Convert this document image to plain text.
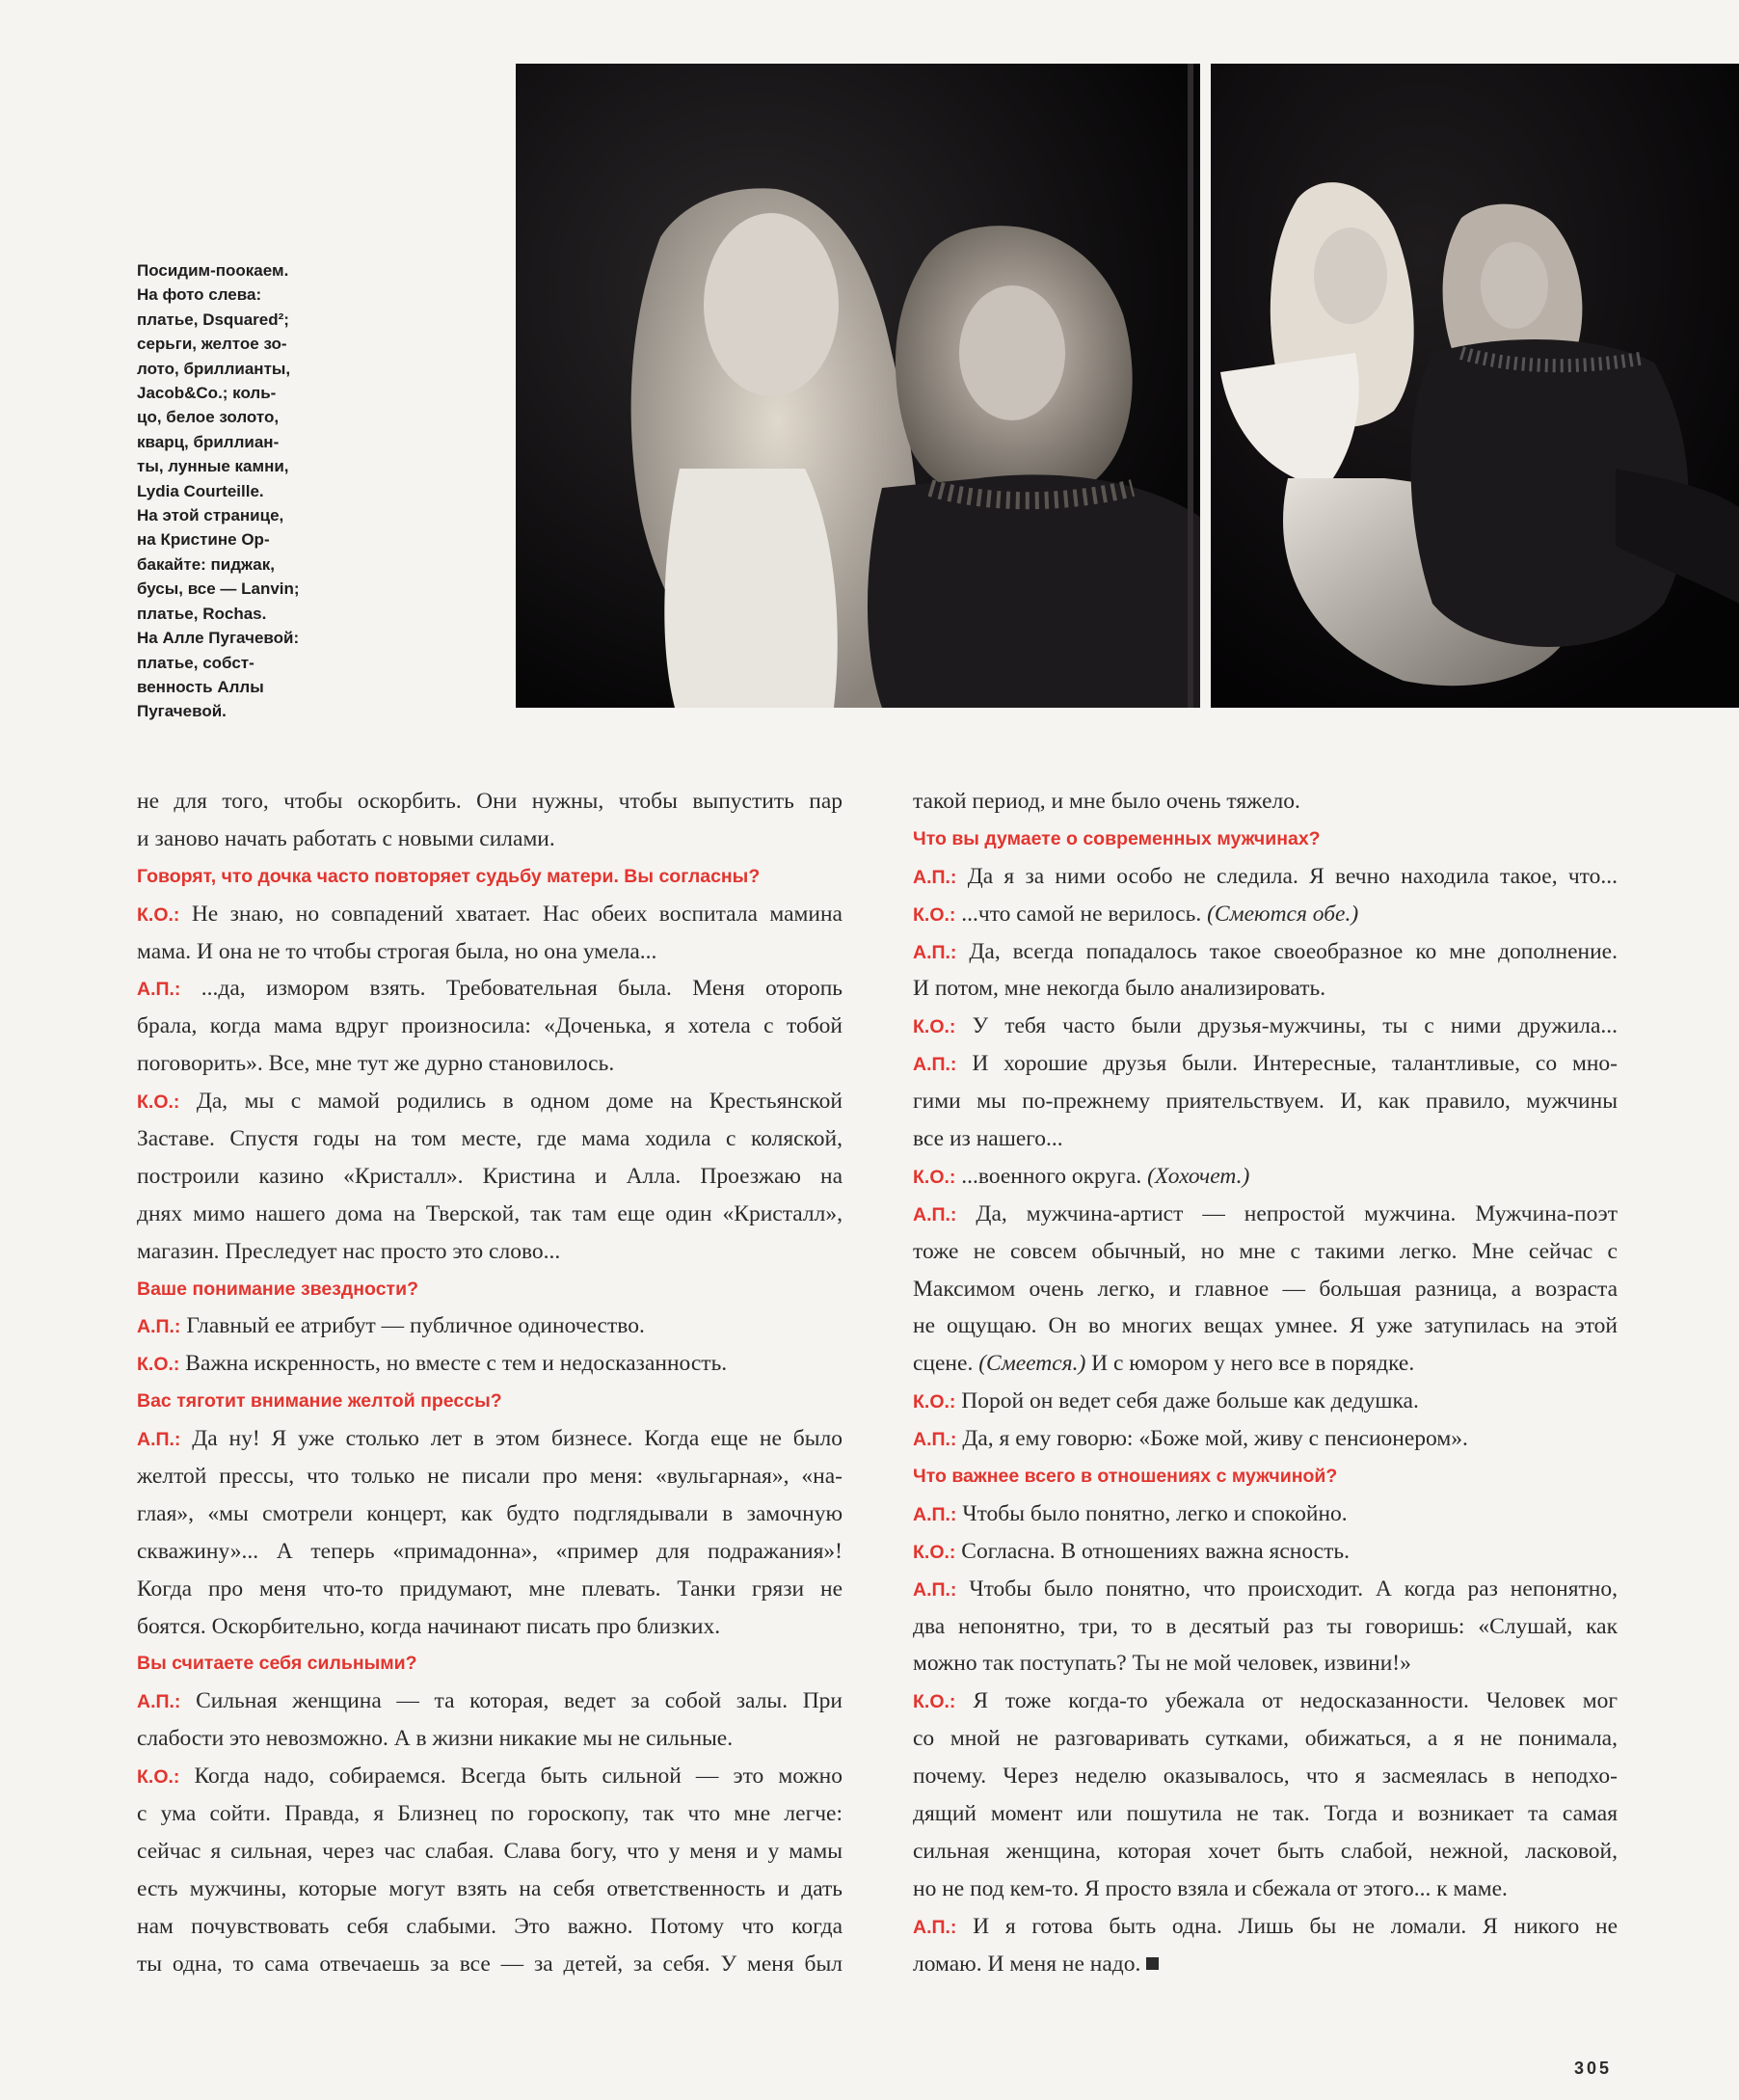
Посидим-поокаем.
На фото слева:
платье, Dsquared²;
серьги, желтое зо-
лото, бриллианты,
Jacob&Co.; коль-
цо, белое золото,
кварц, бриллиан-
ты, лунные камни,
Lydia Courteille.
На этой странице,
на Кристине Ор-
бакайте: пиджак,
бусы, все — Lanvin;
платье, Rochas.
На Алле Пугачевой:
платье, собст-
венность Аллы
Пугачевой.
не для того, чтобы оскорбить. Они нужны, чтобы выпустить пар
и заново начать работать с новыми силами.
Говорят, что дочка часто повторяет судьбу матери. Вы согласны?
К.О.: Не знаю, но совпадений хватает. Нас обеих воспитала мамина
мама. И она не то чтобы строгая была, но она умела...
А.П.: ...да, измором взять. Требовательная была. Меня оторопь
брала, когда мама вдруг произносила: «Доченька, я хотела с тобой
поговорить». Все, мне тут же дурно становилось.
К.О.: Да, мы с мамой родились в одном доме на Крестьянской
Заставе. Спустя годы на том месте, где мама ходила с коляской,
построили казино «Кристалл». Кристина и Алла. Проезжаю на
днях мимо нашего дома на Тверской, так там еще один «Кристалл»,
магазин. Преследует нас просто это слово...
Ваше понимание звездности?
А.П.: Главный ее атрибут — публичное одиночество.
К.О.: Важна искренность, но вместе с тем и недосказанность.
Вас тяготит внимание желтой прессы?
А.П.: Да ну! Я уже столько лет в этом бизнесе. Когда еще не было
желтой прессы, что только не писали про меня: «вульгарная», «на-
глая», «мы смотрели концерт, как будто подглядывали в замочную
скважину»... А теперь «примадонна», «пример для подражания»!
Когда про меня что-то придумают, мне плевать. Танки грязи не
боятся. Оскорбительно, когда начинают писать про близких.
Вы считаете себя сильными?
А.П.: Сильная женщина — та которая, ведет за собой залы. При
слабости это невозможно. А в жизни никакие мы не сильные.
К.О.: Когда надо, собираемся. Всегда быть сильной — это можно
с ума сойти. Правда, я Близнец по гороскопу, так что мне легче:
сейчас я сильная, через час слабая. Слава богу, что у меня и у мамы
есть мужчины, которые могут взять на себя ответственность и дать
нам почувствовать себя слабыми. Это важно. Потому что когда
ты одна, то сама отвечаешь за все — за детей, за себя. У меня был
такой период, и мне было очень тяжело.
Что вы думаете о современных мужчинах?
А.П.: Да я за ними особо не следила. Я вечно находила такое, что...
К.О.: ...что самой не верилось. (Смеются обе.)
А.П.: Да, всегда попадалось такое своеобразное ко мне дополнение.
И потом, мне некогда было анализировать.
К.О.: У тебя часто были друзья-мужчины, ты с ними дружила...
А.П.: И хорошие друзья были. Интересные, талантливые, со мно-
гими мы по-прежнему приятельствуем. И, как правило, мужчины
все из нашего...
К.О.: ...военного округа. (Хохочет.)
А.П.: Да, мужчина-артист — непростой мужчина. Мужчина-поэт
тоже не совсем обычный, но мне с такими легко. Мне сейчас с
Максимом очень легко, и главное — большая разница, а возраста
не ощущаю. Он во многих вещах умнее. Я уже затупилась на этой
сцене. (Смеется.) И с юмором у него все в порядке.
К.О.: Порой он ведет себя даже больше как дедушка.
А.П.: Да, я ему говорю: «Боже мой, живу с пенсионером».
Что важнее всего в отношениях с мужчиной?
А.П.: Чтобы было понятно, легко и спокойно.
К.О.: Согласна. В отношениях важна ясность.
А.П.: Чтобы было понятно, что происходит. А когда раз непонятно,
два непонятно, три, то в десятый раз ты говоришь: «Слушай, как
можно так поступать? Ты не мой человек, извини!»
К.О.: Я тоже когда-то убежала от недосказанности. Человек мог
со мной не разговаривать сутками, обижаться, а я не понимала,
почему. Через неделю оказывалось, что я засмеялась в неподхо-
дящий момент или пошутила не так. Тогда и возникает та самая
сильная женщина, которая хочет быть слабой, нежной, ласковой,
но не под кем-то. Я просто взяла и сбежала от этого... к маме.
А.П.: И я готова быть одна. Лишь бы не ломали. Я никого не
ломаю. И меня не надо.
305
